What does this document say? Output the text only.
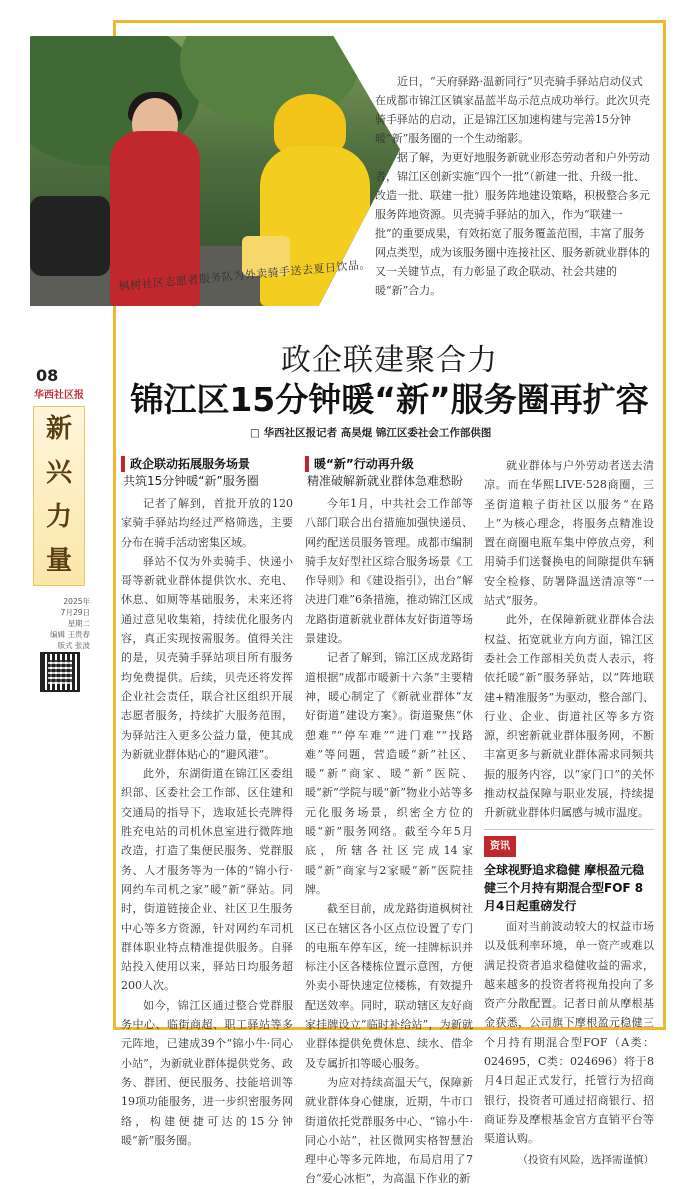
枫树社区志愿者服务队为外卖骑手送去夏日饮品。

近日，“天府驿路·温新同行”贝壳骑手驿站启动仪式在成都市锦江区镇家晶蓝半岛示范点成功举行。此次贝壳骑手驿站的启动，正是锦江区加速构建与完善15分钟暖“新”服务圈的一个生动缩影。

据了解，为更好地服务新就业形态劳动者和户外劳动者，锦江区创新实施“四个一批”（新建一批、升级一批、改造一批、联建一批）服务阵地建设策略，积极整合多元服务阵地资源。贝壳骑手驿站的加入，作为“联建一批”的重要成果，有效拓宽了服务覆盖范围，丰富了服务网点类型，成为该服务圈中连接社区、服务新就业群体的又一关键节点，有力彰显了政企联动、社会共建的暖“新”合力。

政企联建聚合力
锦江区15分钟暖“新”服务圈再扩容
□ 华西社区报记者 高昊焜 锦江区委社会工作部供图
08
华西社区报
新
兴
力
量
2025年
7月29日
星期二
编辑 王贵春
版式 张波
政企联动拓展服务场景
共筑15分钟暖“新”服务圈

记者了解到，首批开放的120家骑手驿站均经过严格筛选，主要分布在骑手活动密集区域。

驿站不仅为外卖骑手、快递小哥等新就业群体提供饮水、充电、休息、如厕等基础服务，未来还将通过意见收集箱，持续优化服务内容，真正实现按需服务。值得关注的是，贝壳骑手驿站项目所有服务均免费提供。后续，贝壳还将发挥企业社会责任，联合社区组织开展志愿者服务，持续扩大服务范围，为驿站注入更多公益力量，使其成为新就业群体贴心的“避风港”。

此外，东湖街道在锦江区委组织部、区委社会工作部、区住建和交通局的指导下，选取延长壳牌得胜充电站的司机休息室进行微阵地改造，打造了集便民服务、党群服务、人才服务等为一体的“锦小行·网约车司机之家”暖“新”驿站。同时，街道链接企业、社区卫生服务中心等多方资源，针对网约车司机群体职业特点精准提供服务。自驿站投入使用以来，驿站日均服务超200人次。

如今，锦江区通过整合党群服务中心、临街商超、职工驿站等多元阵地，已建成39个“锦小牛·同心小站”，为新就业群体提供党务、政务、群团、便民服务、技能培训等19项功能服务，进一步织密服务网络，构建便捷可达的15分钟暖“新”服务圈。

暖“新”行动再升级
精准破解新就业群体急难愁盼

今年1月，中共社会工作部等八部门联合出台措施加强快递员、网约配送员服务管理。成都市编制骑手友好型社区综合服务场景《工作导则》和《建设指引》，出台“解决进门难”6条措施，推动锦江区成龙路街道新就业群体友好街道等场景建设。

记者了解到，锦江区成龙路街道根据“成都市暖新十六条”主要精神，暖心制定了《新就业群体“友好街道”建设方案》。街道聚焦“休憩难”“停车难”“进门难”“找路难”等问题，营造暖“新”社区、暖“新”商家、暖“新”医院、暖“新”学院与暖“新”物业小站等多元化服务场景，织密全方位的暖“新”服务网络。截至今年5月底，所辖各社区完成14家暖“新”商家与2家暖“新”医院挂牌。

截至目前，成龙路街道枫树社区已在辖区各小区点位设置了专门的电瓶车停车区，统一挂牌标识并标注小区各楼栋位置示意图，方便外卖小哥快速定位楼栋，有效提升配送效率。同时，联动辖区友好商家挂牌设立“临时补给站”，为新就业群体提供免费休息、续水、借伞及专属折扣等暖心服务。

为应对持续高温天气，保障新就业群体身心健康，近期，牛市口街道依托党群服务中心、“锦小牛·同心小站”，社区微网实格智慧治理中心等多元阵地，布局启用了7台“爱心冰柜”，为高温下作业的新

就业群体与户外劳动者送去清凉。而在华熙LIVE·528商圈，三圣街道粮子街社区以服务“在路上”为核心理念，将服务点精准设置在商圈电瓶车集中停放点旁，利用骑手们送餐换电的间隙提供车辆安全检修、防署降温送清凉等“一站式”服务。

此外，在保障新就业群体合法权益、拓宽就业方向方面，锦江区委社会工作部相关负责人表示，将依托暖“新”服务驿站，以“阵地联建+精准服务”为驱动，整合部门、行业、企业、街道社区等多方资源，织密新就业群体服务网，不断丰富更多与新就业群体需求同频共振的服务内容，以“家门口”的关怀推动权益保障与职业发展，持续提升新就业群体归属感与城市温度。

资讯
全球视野追求稳健 摩根盈元稳健三个月持有期混合型FOF 8月4日起重磅发行

面对当前波动较大的权益市场以及低利率环境，单一资产或难以满足投资者追求稳健收益的需求，越来越多的投资者将视角投向了多资产分散配置。记者日前从摩根基金获悉，公司旗下摩根盈元稳健三个月持有期混合型FOF（A类：024695，C类：024696）将于8月4日起正式发行，托管行为招商银行，投资者可通过招商银行、招商证券及摩根基金官方直销平台等渠道认购。

（投资有风险，选择需谨慎）
